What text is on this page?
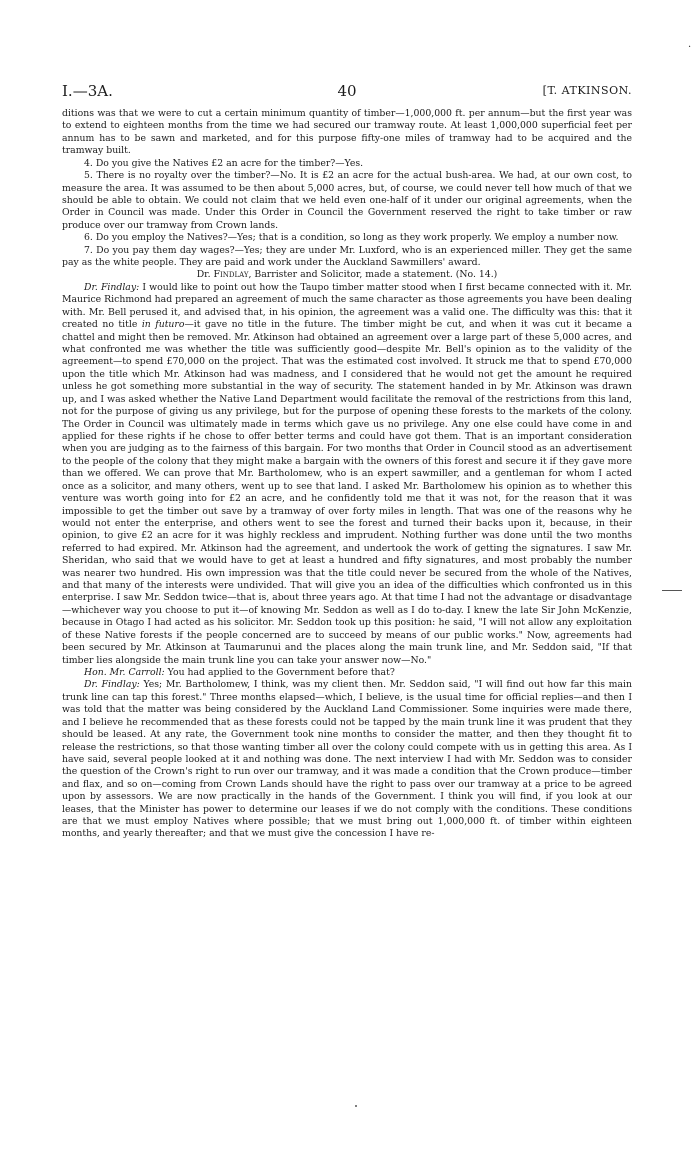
·
I.—3A.	40	[T. ATKINSON.

ditions was that we were to cut a certain minimum quantity of timber—1,000,000 ft. per annum—but the first year was to extend to eighteen months from the time we had secured our tramway route. At least 1,000,000 superficial feet per annum has to be sawn and marketed, and for this purpose fifty-one miles of tramway had to be acquired and the tramway built.

4. Do you give the Natives £2 an acre for the timber?—Yes.

5. There is no royalty over the timber?—No. It is £2 an acre for the actual bush-area. We had, at our own cost, to measure the area. It was assumed to be then about 5,000 acres, but, of course, we could never tell how much of that we should be able to obtain. We could not claim that we held even one-half of it under our original agreements, when the Order in Council was made. Under this Order in Council the Government reserved the right to take timber or raw produce over our tramway from Crown lands.

6. Do you employ the Natives?—Yes; that is a condition, so long as they work properly. We employ a number now.

7. Do you pay them day wages?—Yes; they are under Mr. Luxford, who is an experienced miller. They get the same pay as the white people. They are paid and work under the Auckland Sawmillers' award.

Dr. Findlay, Barrister and Solicitor, made a statement. (No. 14.)

Dr. Findlay: I would like to point out how the Taupo timber matter stood when I first became connected with it. Mr. Maurice Richmond had prepared an agreement of much the same character as those agreements you have been dealing with. Mr. Bell perused it, and advised that, in his opinion, the agreement was a valid one. The difficulty was this: that it created no title in futuro—it gave no title in the future. The timber might be cut, and when it was cut it became a chattel and might then be removed. Mr. Atkinson had obtained an agreement over a large part of these 5,000 acres, and what confronted me was whether the title was sufficiently good—despite Mr. Bell's opinion as to the validity of the agreement—to spend £70,000 on the project. That was the estimated cost involved. It struck me that to spend £70,000 upon the title which Mr. Atkinson had was madness, and I considered that he would not get the amount he required unless he got something more substantial in the way of security. The statement handed in by Mr. Atkinson was drawn up, and I was asked whether the Native Land Department would facilitate the removal of the restrictions from this land, not for the purpose of giving us any privilege, but for the purpose of opening these forests to the markets of the colony. The Order in Council was ultimately made in terms which gave us no privilege. Any one else could have come in and applied for these rights if he chose to offer better terms and could have got them. That is an important consideration when you are judging as to the fairness of this bargain. For two months that Order in Council stood as an advertisement to the people of the colony that they might make a bargain with the owners of this forest and secure it if they gave more than we offered. We can prove that Mr. Bartholomew, who is an expert sawmiller, and a gentleman for whom I acted once as a solicitor, and many others, went up to see that land. I asked Mr. Bartholomew his opinion as to whether this venture was worth going into for £2 an acre, and he confidently told me that it was not, for the reason that it was impossible to get the timber out save by a tramway of over forty miles in length. That was one of the reasons why he would not enter the enterprise, and others went to see the forest and turned their backs upon it, because, in their opinion, to give £2 an acre for it was highly reckless and imprudent. Nothing further was done until the two months referred to had expired. Mr. Atkinson had the agreement, and undertook the work of getting the signatures. I saw Mr. Sheridan, who said that we would have to get at least a hundred and fifty signatures, and most probably the number was nearer two hundred. His own impression was that the title could never be secured from the whole of the Natives, and that many of the interests were undivided. That will give you an idea of the difficulties which confronted us in this enterprise. I saw Mr. Seddon twice—that is, about three years ago. At that time I had not the advantage or disadvantage—whichever way you choose to put it—of knowing Mr. Seddon as well as I do to-day. I knew the late Sir John McKenzie, because in Otago I had acted as his solicitor. Mr. Seddon took up this position: he said, "I will not allow any exploitation of these Native forests if the people concerned are to succeed by means of our public works." Now, agreements had been secured by Mr. Atkinson at Taumarunui and the places along the main trunk line, and Mr. Seddon said, "If that timber lies alongside the main trunk line you can take your answer now—No."

Hon. Mr. Carroll: You had applied to the Government before that?

Dr. Findlay: Yes; Mr. Bartholomew, I think, was my client then. Mr. Seddon said, "I will find out how far this main trunk line can tap this forest." Three months elapsed—which, I believe, is the usual time for official replies—and then I was told that the matter was being considered by the Auckland Land Commissioner. Some inquiries were made there, and I believe he recommended that as these forests could not be tapped by the main trunk line it was prudent that they should be leased. At any rate, the Government took nine months to consider the matter, and then they thought fit to release the restrictions, so that those wanting timber all over the colony could compete with us in getting this area. As I have said, several people looked at it and nothing was done. The next interview I had with Mr. Seddon was to consider the question of the Crown's right to run over our tramway, and it was made a condition that the Crown produce—timber and flax, and so on—coming from Crown Lands should have the right to pass over our tramway at a price to be agreed upon by assessors. We are now practically in the hands of the Government. I think you will find, if you look at our leases, that the Minister has power to determine our leases if we do not comply with the conditions. These conditions are that we must employ Natives where possible; that we must bring out 1,000,000 ft. of timber within eighteen months, and yearly thereafter; and that we must give the concession I have re-
